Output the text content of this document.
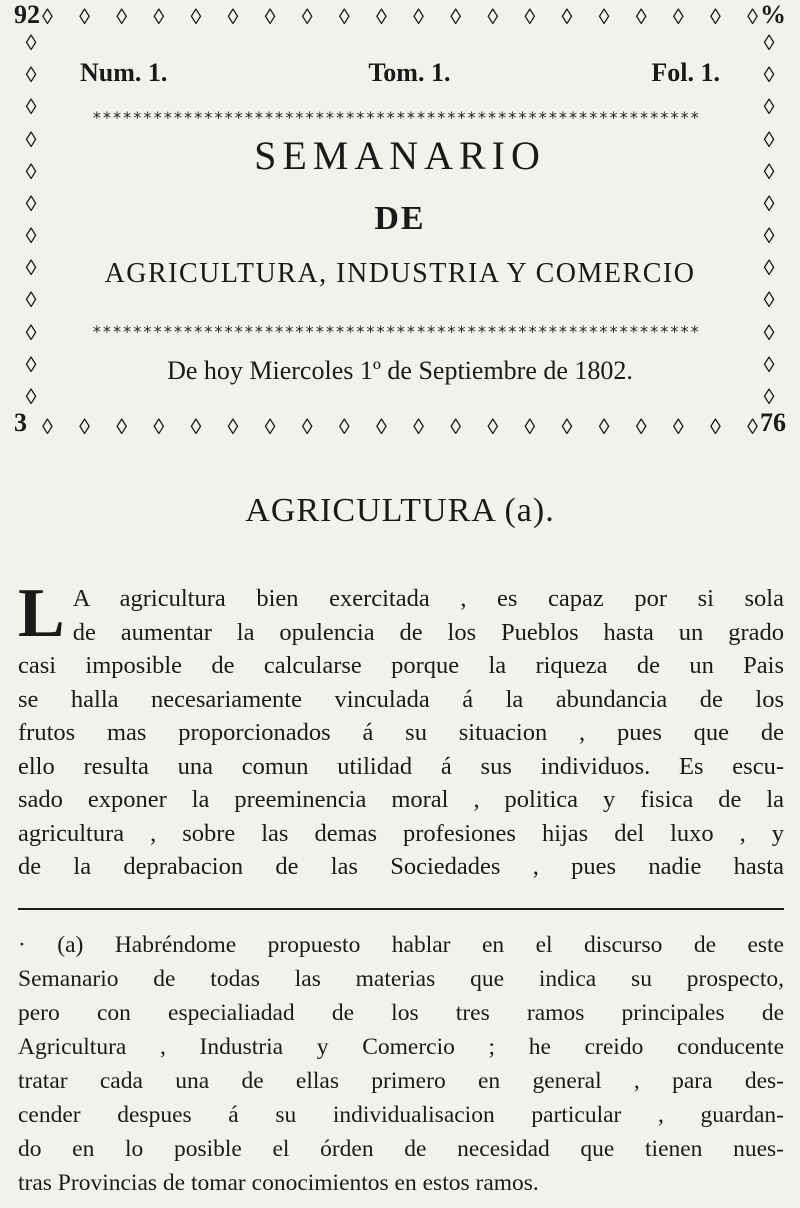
92	%
3	76
◊ ◊ ◊ ◊ ◊ ◊ ◊ ◊ ◊ ◊ ◊ ◊ ◊ ◊ ◊ ◊ ◊ ◊ ◊ ◊
◊ ◊ ◊ ◊ ◊ ◊ ◊ ◊ ◊ ◊ ◊ ◊ ◊ ◊ ◊ ◊ ◊ ◊ ◊ ◊
◊
◊
◊
◊
◊
◊
◊
◊
◊
◊
◊
◊
◊
◊
◊
◊
◊
◊
◊
◊
◊
◊
◊
◊
Num. 1.	Tom. 1.	Fol. 1.
************************************************************
SEMANARIO
DE
AGRICULTURA, INDUSTRIA Y COMERCIO
************************************************************
De hoy Miercoles 1º de Septiembre de 1802.
AGRICULTURA (a).
L A agricultura bien exercitada , es capaz por si sola
de aumentar la opulencia de los Pueblos hasta un grado
casi imposible de calcularse porque la riqueza de un Pais
se halla necesariamente vinculada á la abundancia de los
frutos mas proporcionados á su situacion , pues que de
ello resulta una comun utilidad á sus individuos. Es escu-
sado exponer la preeminencia moral , politica y fisica de la
agricultura , sobre las demas profesiones hijas del luxo , y
de la deprabacion de las Sociedades , pues nadie hasta
· (a) Habréndome propuesto hablar en el discurso de este
Semanario de todas las materias que indica su prospecto,
pero con especialiadad de los tres ramos principales de
Agricultura , Industria y Comercio ; he creido conducente
tratar cada una de ellas primero en general , para des-
cender despues á su individualisacion particular , guardan-
do en lo posible el órden de necesidad que tienen nues-
tras Provincias de tomar conocimientos en estos ramos.
